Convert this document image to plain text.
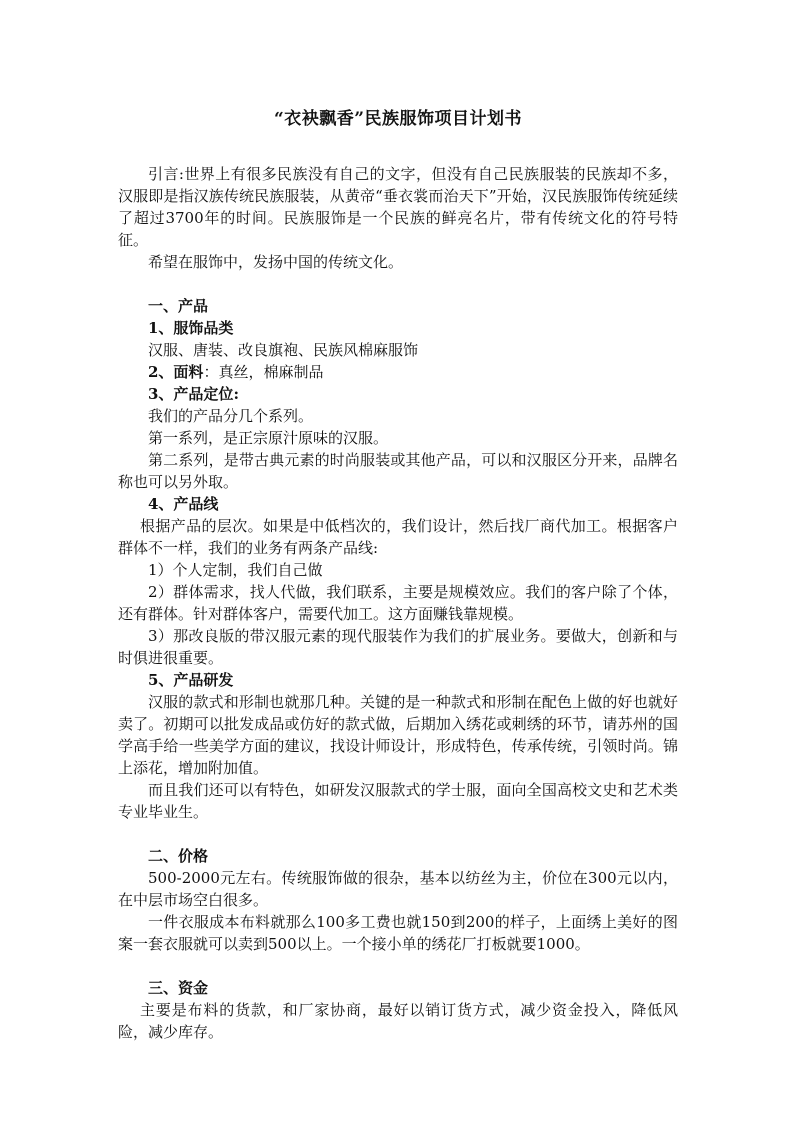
“衣袂飘香”民族服饰项目计划书

引言:世界上有很多民族没有自己的文字，但没有自己民族服装的民族却不多，汉服即是指汉族传统民族服装，从黄帝“垂衣裳而治天下”开始，汉民族服饰传统延续了超过3700年的时间。民族服饰是一个民族的鲜亮名片，带有传统文化的符号特征。

希望在服饰中，发扬中国的传统文化。

一、产品
1、服饰品类

汉服、唐装、改良旗袍、民族风棉麻服饰

2、面料：真丝，棉麻制品

3、产品定位:

我们的产品分几个系列。

第一系列，是正宗原汁原味的汉服。

第二系列，是带古典元素的时尚服装或其他产品，可以和汉服区分开来，品牌名称也可以另外取。

4、产品线

根据产品的层次。如果是中低档次的，我们设计，然后找厂商代加工。根据客户群体不一样，我们的业务有两条产品线:

1）个人定制，我们自己做

2）群体需求，找人代做，我们联系，主要是规模效应。我们的客户除了个体，还有群体。针对群体客户，需要代加工。这方面赚钱靠规模。

3）那改良版的带汉服元素的现代服装作为我们的扩展业务。要做大，创新和与时俱进很重要。

5、产品研发

汉服的款式和形制也就那几种。关键的是一种款式和形制在配色上做的好也就好卖了。初期可以批发成品或仿好的款式做，后期加入绣花或刺绣的环节，请苏州的国学高手给一些美学方面的建议，找设计师设计，形成特色，传承传统，引领时尚。锦上添花，增加附加值。

而且我们还可以有特色，如研发汉服款式的学士服，面向全国高校文史和艺术类专业毕业生。

二、价格

500-2000元左右。传统服饰做的很杂，基本以纺丝为主，价位在300元以内，在中层市场空白很多。

一件衣服成本布料就那么100多工费也就150到200的样子，上面绣上美好的图案一套衣服就可以卖到500以上。一个接小单的绣花厂打板就要1000。

三、资金

主要是布料的货款，和厂家协商，最好以销订货方式，减少资金投入，降低风险，减少库存。
